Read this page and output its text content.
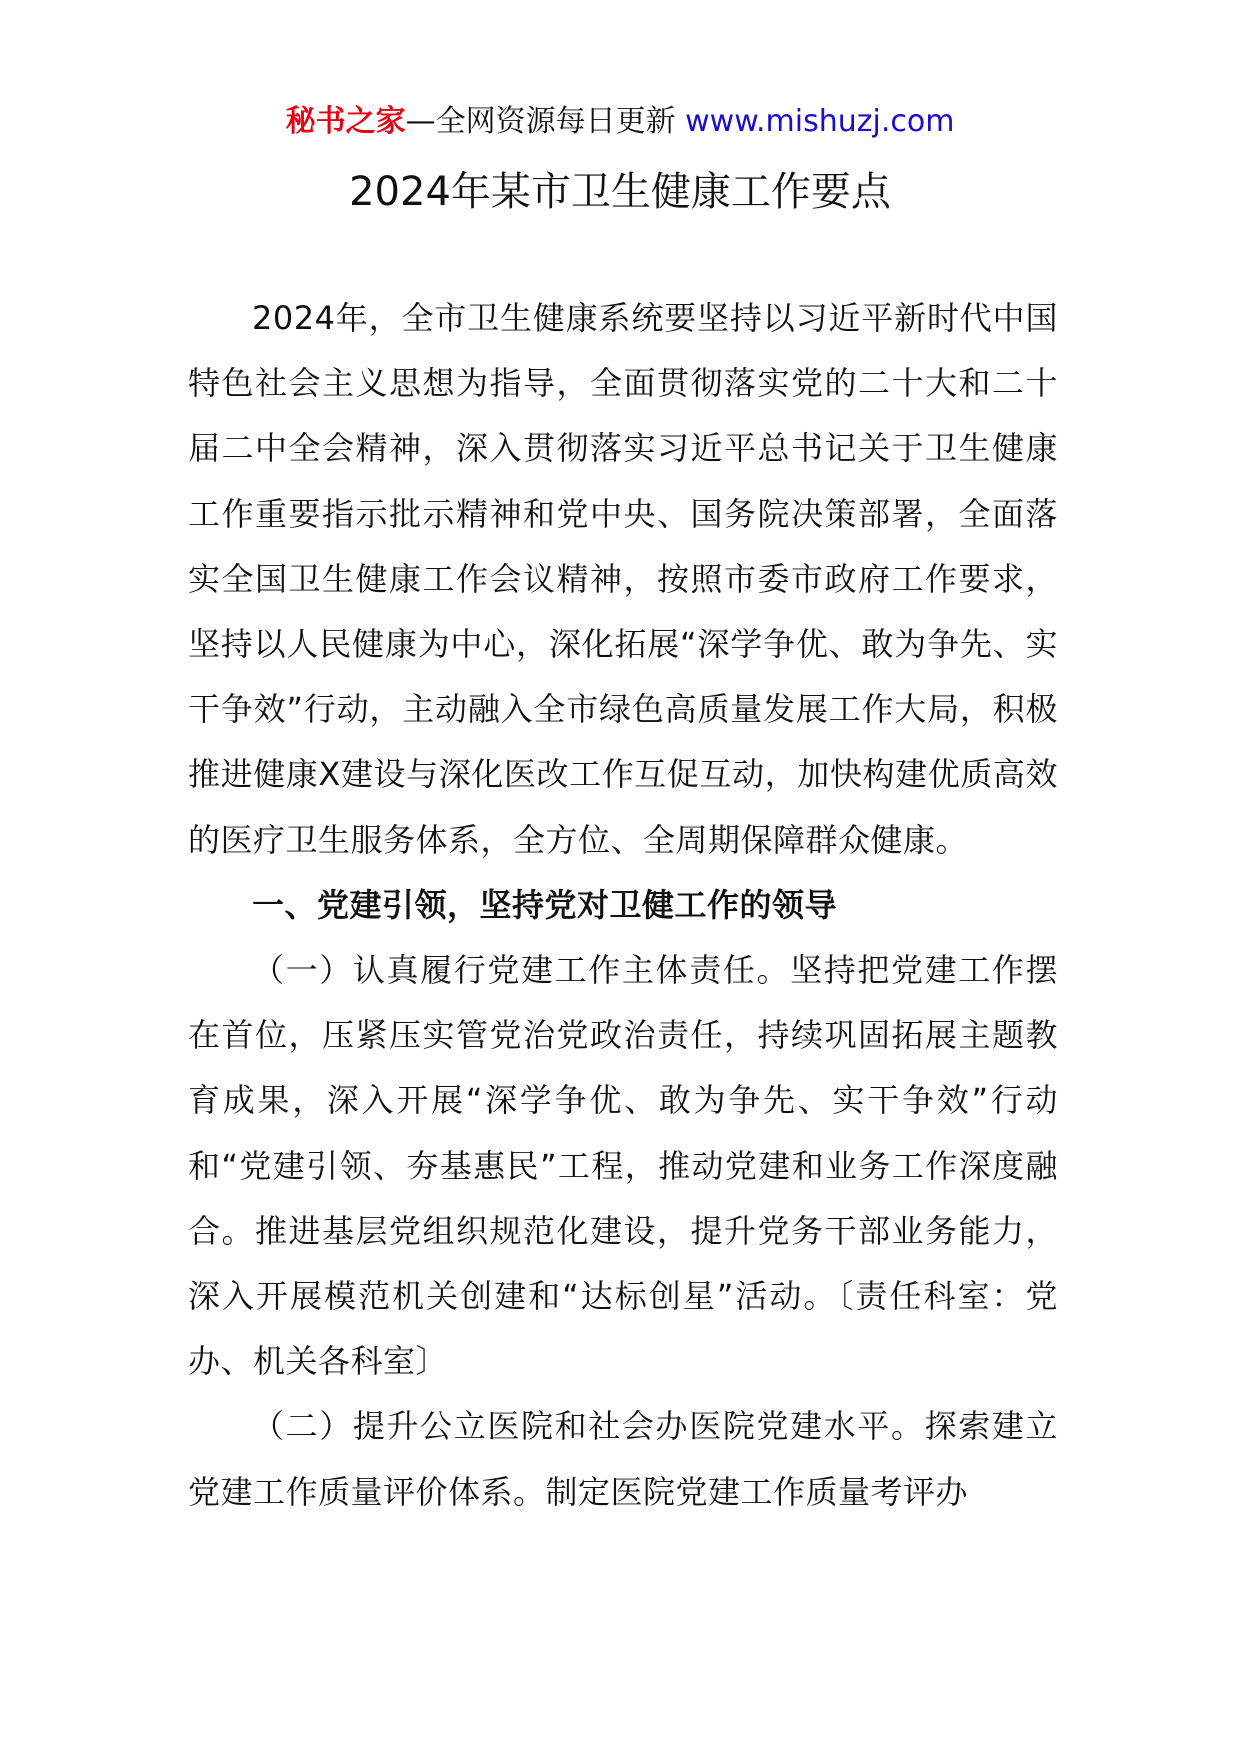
秘书之家—全网资源每日更新 www.mishuzj.com
2024年某市卫生健康工作要点

2024年，全市卫生健康系统要坚持以习近平新时代中国特色社会主义思想为指导，全面贯彻落实党的二十大和二十届二中全会精神，深入贯彻落实习近平总书记关于卫生健康工作重要指示批示精神和党中央、国务院决策部署，全面落实全国卫生健康工作会议精神，按照市委市政府工作要求，坚持以人民健康为中心，深化拓展“深学争优、敢为争先、实干争效”行动，主动融入全市绿色高质量发展工作大局，积极推进健康X建设与深化医改工作互促互动，加快构建优质高效的医疗卫生服务体系，全方位、全周期保障群众健康。

一、党建引领，坚持党对卫健工作的领导

（一）认真履行党建工作主体责任。坚持把党建工作摆在首位，压紧压实管党治党政治责任，持续巩固拓展主题教育成果，深入开展“深学争优、敢为争先、实干争效”行动和“党建引领、夯基惠民”工程，推动党建和业务工作深度融合。推进基层党组织规范化建设，提升党务干部业务能力，深入开展模范机关创建和“达标创星”活动。〔责任科室：党办、机关各科室〕

（二）提升公立医院和社会办医院党建水平。探索建立党建工作质量评价体系。制定医院党建工作质量考评办
